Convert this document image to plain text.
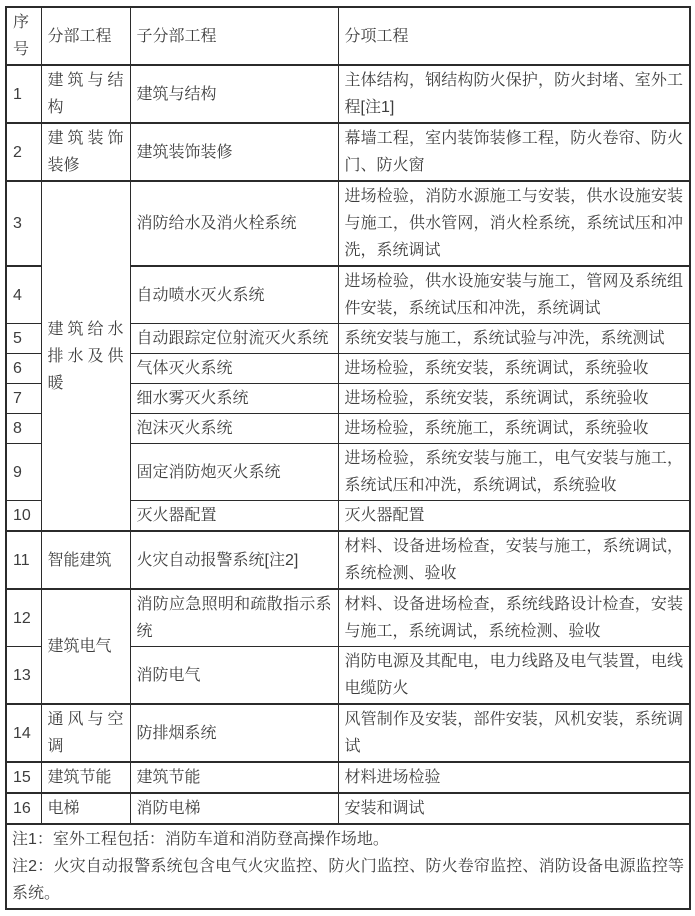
序号	分部工程	子分部工程	分项工程
1	建筑与结构	建筑与结构	主体结构，钢结构防火保护，防火封堵、室外工程[注1]
2	建筑装饰装修	建筑装饰装修	幕墙工程，室内装饰装修工程，防火卷帘、防火门、防火窗
3	建筑给水排水及供暖	消防给水及消火栓系统	进场检验，消防水源施工与安装，供水设施安装与施工，供水管网，消火栓系统，系统试压和冲洗，系统调试
4		自动喷水灭火系统	进场检验，供水设施安装与施工，管网及系统组件安装，系统试压和冲洗，系统调试
5		自动跟踪定位射流灭火系统	系统安装与施工，系统试验与冲洗，系统测试
6		气体灭火系统	进场检验，系统安装，系统调试，系统验收
7		细水雾灭火系统	进场检验，系统安装，系统调试，系统验收
8		泡沫灭火系统	进场检验，系统施工，系统调试，系统验收
9		固定消防炮灭火系统	进场检验，系统安装与施工，电气安装与施工，系统试压和冲洗，系统调试，系统验收
10		灭火器配置	灭火器配置
11	智能建筑	火灾自动报警系统[注2]	材料、设备进场检查，安装与施工，系统调试，系统检测、验收
12	建筑电气	消防应急照明和疏散指示系统	材料、设备进场检查，系统线路设计检查，安装与施工，系统调试，系统检测、验收
13		消防电气	消防电源及其配电，电力线路及电气装置，电线电缆防火
14	通风与空调	防排烟系统	风管制作及安装，部件安装，风机安装，系统调试
15	建筑节能	建筑节能	材料进场检验
16	电梯	消防电梯	安装和调试

注1：室外工程包括：消防车道和消防登高操作场地。

注2：火灾自动报警系统包含电气火灾监控、防火门监控、防火卷帘监控、消防设备电源监控等系统。			
